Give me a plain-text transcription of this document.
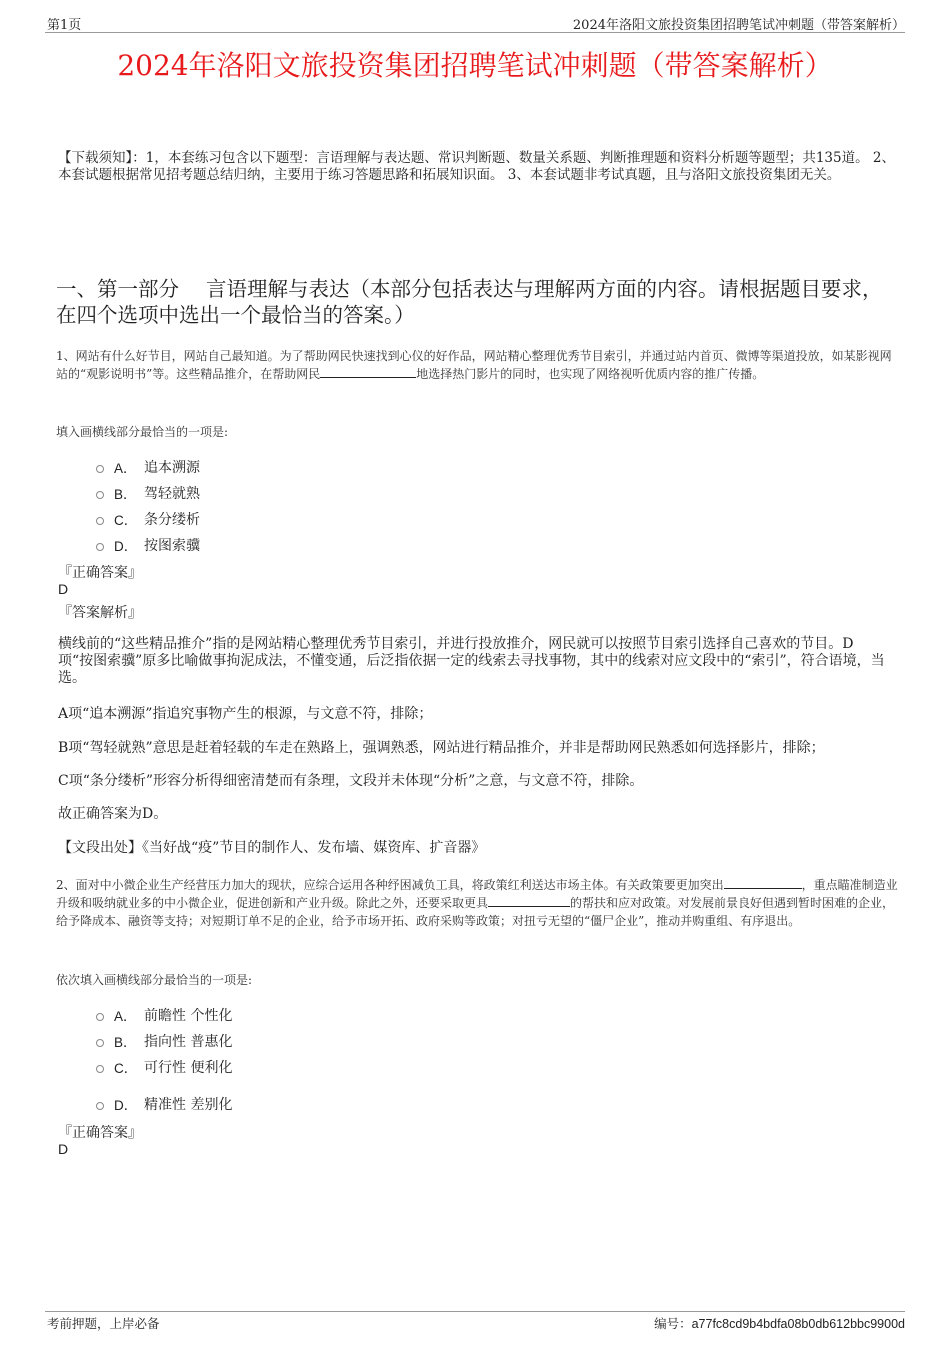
第1页	2024年洛阳文旅投资集团招聘笔试冲刺题（带答案解析）
2024年洛阳文旅投资集团招聘笔试冲刺题（带答案解析）
【下载须知】：1，本套练习包含以下题型：言语理解与表达题、常识判断题、数量关系题、判断推理题和资料分析题等题型；共135道。 2、本套试题根据常见招考题总结归纳，主要用于练习答题思路和拓展知识面。 3、本套试题非考试真题，且与洛阳文旅投资集团无关。
一、第一部分　 言语理解与表达（本部分包括表达与理解两方面的内容。请根据题目要求，在四个选项中选出一个最恰当的答案。）
1、网站有什么好节目，网站自己最知道。为了帮助网民快速找到心仪的好作品，网站精心整理优秀节目索引，并通过站内首页、微博等渠道投放，如某影视网站的“观影说明书”等。这些精品推介，在帮助网民	地选择热门影片的同时，也实现了网络视听优质内容的推广传播。
填入画横线部分最恰当的一项是:
A． 追本溯源
B． 驾轻就熟
C． 条分缕析
D． 按图索骥
『正确答案』
D
『答案解析』
横线前的“这些精品推介”指的是网站精心整理优秀节目索引，并进行投放推介，网民就可以按照节目索引选择自己喜欢的节目。D项“按图索骥”原多比喻做事拘泥成法，不懂变通，后泛指依据一定的线索去寻找事物，其中的线索对应文段中的“索引”，符合语境，当选。
A项“追本溯源”指追究事物产生的根源，与文意不符，排除；
B项“驾轻就熟”意思是赶着轻载的车走在熟路上，强调熟悉，网站进行精品推介，并非是帮助网民熟悉如何选择影片，排除；
C项“条分缕析”形容分析得细密清楚而有条理，文段并未体现“分析”之意，与文意不符，排除。
故正确答案为D。
【文段出处】《当好战“疫”节目的制作人、发布墙、媒资库、扩音器》
2、面对中小微企业生产经营压力加大的现状，应综合运用各种纾困减负工具，将政策红利送达市场主体。有关政策要更加突出	，重点瞄准制造业升级和吸纳就业多的中小微企业，促进创新和产业升级。除此之外，还要采取更具	的帮扶和应对政策。对发展前景良好但遇到暂时困难的企业，给予降成本、融资等支持；对短期订单不足的企业，给予市场开拓、政府采购等政策；对扭亏无望的“僵尸企业”，推动并购重组、有序退出。
依次填入画横线部分最恰当的一项是:
A． 前瞻性 个性化
B． 指向性 普惠化
C． 可行性 便利化
D． 精准性 差别化
『正确答案』
D
考前押题，上岸必备	编号：a77fc8cd9b4bdfa08b0db612bbc9900d
